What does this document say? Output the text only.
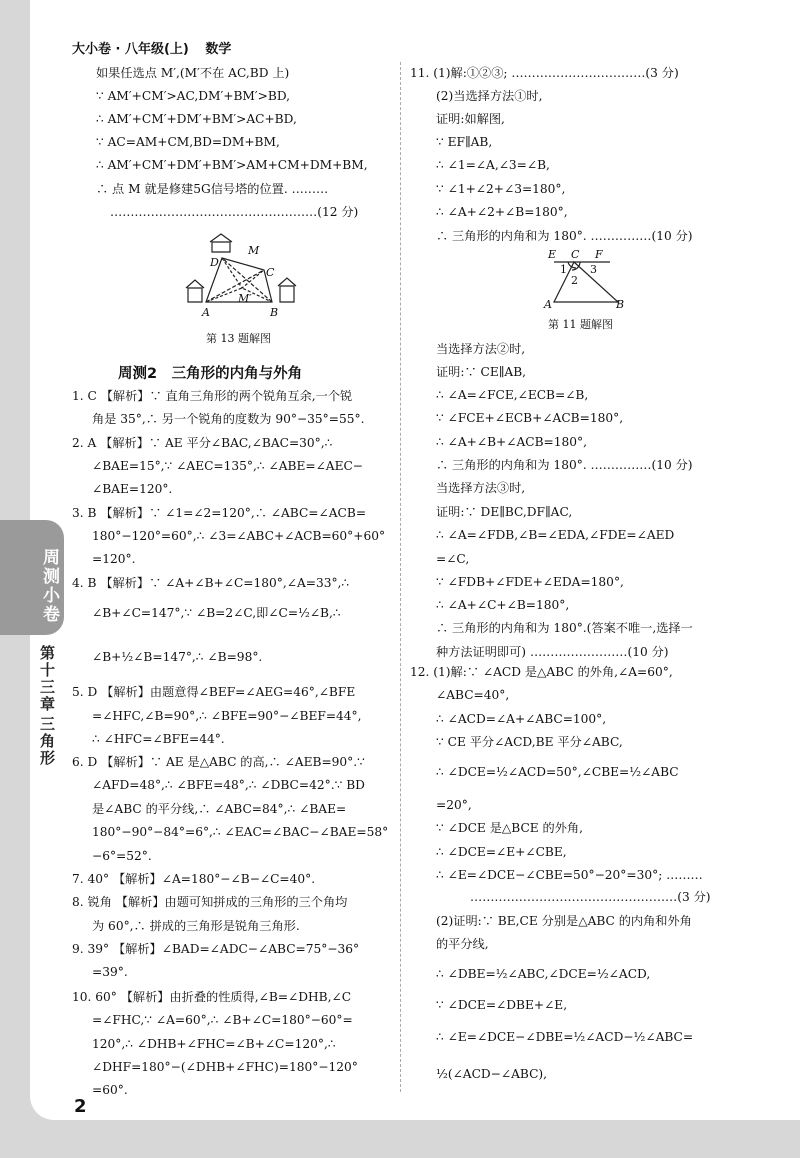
大小卷 · 八年级(上) 数学
周测小卷
第十三章
三角形
如果任选点 M′,(M′不在 AC,BD 上)
∵ AM′+CM′>AC,DM′+BM′>BD,
∴ AM′+CM′+DM′+BM′>AC+BD,
∵ AC=AM+CM,BD=DM+BM,
∴ AM′+CM′+DM′+BM′>AM+CM+DM+BM,
∴ 点 M 就是修建5G信号塔的位置. ………
……………………………………………(12 分)
1. C 【解析】∵ 直角三角形的两个锐角互余,一个锐
角是 35°,∴ 另一个锐角的度数为 90°−35°=55°.
2. A 【解析】∵ AE 平分∠BAC,∠BAC=30°,∴
∠BAE=15°,∵ ∠AEC=135°,∴ ∠ABE=∠AEC−
∠BAE=120°.
3. B 【解析】∵ ∠1=∠2=120°,∴ ∠ABC=∠ACB=
180°−120°=60°,∴ ∠3=∠ABC+∠ACB=60°+60°
=120°.
4. B 【解析】∵ ∠A+∠B+∠C=180°,∠A=33°,∴
∠B+∠C=147°,∵ ∠B=2∠C,即∠C=½∠B,∴
∠B+½∠B=147°,∴ ∠B=98°.
5. D 【解析】由题意得∠BEF=∠AEG=46°,∠BFE
=∠HFC,∠B=90°,∴ ∠BFE=90°−∠BEF=44°,
∴ ∠HFC=∠BFE=44°.
6. D 【解析】∵ AE 是△ABC 的高,∴ ∠AEB=90°.∵
∠AFD=48°,∴ ∠BFE=48°,∴ ∠DBC=42°.∵ BD
是∠ABC 的平分线,∴ ∠ABC=84°,∴ ∠BAE=
180°−90°−84°=6°,∴ ∠EAC=∠BAC−∠BAE=58°
−6°=52°.
7. 40° 【解析】∠A=180°−∠B−∠C=40°.
8. 锐角 【解析】由题可知拼成的三角形的三个角均
为 60°,∴ 拼成的三角形是锐角三角形.
9. 39° 【解析】∠BAD=∠ADC−∠ABC=75°−36°
=39°.
10. 60° 【解析】由折叠的性质得,∠B=∠DHB,∠C
=∠FHC,∵ ∠A=60°,∴ ∠B+∠C=180°−60°=
120°,∴ ∠DHB+∠FHC=∠B+∠C=120°,∴
∠DHF=180°−(∠DHB+∠FHC)=180°−120°
=60°.
11. (1)解:①②③; ……………………………(3 分)
(2)当选择方法①时,
证明:如解图,
∵ EF∥AB,
∴ ∠1=∠A,∠3=∠B,
∵ ∠1+∠2+∠3=180°,
∴ ∠A+∠2+∠B=180°,
∴ 三角形的内角和为 180°. ……………(10 分)
当选择方法②时,
证明:∵ CE∥AB,
∴ ∠A=∠FCE,∠ECB=∠B,
∵ ∠FCE+∠ECB+∠ACB=180°,
∴ ∠A+∠B+∠ACB=180°,
∴ 三角形的内角和为 180°. ……………(10 分)
当选择方法③时,
证明:∵ DE∥BC,DF∥AC,
∴ ∠A=∠FDB,∠B=∠EDA,∠FDE=∠AED
=∠C,
∵ ∠FDB+∠FDE+∠EDA=180°,
∴ ∠A+∠C+∠B=180°,
∴ 三角形的内角和为 180°.(答案不唯一,选择一
种方法证明即可) ……………………(10 分)
12. (1)解:∵ ∠ACD 是△ABC 的外角,∠A=60°,
∠ABC=40°,
∴ ∠ACD=∠A+∠ABC=100°,
∵ CE 平分∠ACD,BE 平分∠ABC,
∴ ∠DCE=½∠ACD=50°,∠CBE=½∠ABC
=20°,
∵ ∠DCE 是△BCE 的外角,
∴ ∠DCE=∠E+∠CBE,
∴ ∠E=∠DCE−∠CBE=50°−20°=30°; ………
……………………………………………(3 分)
(2)证明:∵ BE,CE 分别是△ABC 的内角和外角
的平分线,
∴ ∠DBE=½∠ABC,∠DCE=½∠ACD,
∵ ∠DCE=∠DBE+∠E,
∴ ∠E=∠DCE−∠DBE=½∠ACD−½∠ABC=
½(∠ACD−∠ABC),
周测2　三角形的内角与外角
M
D
C
M′
A	B
第 13 题解图
E C F
1 3
2
A	B
第 11 题解图
2
